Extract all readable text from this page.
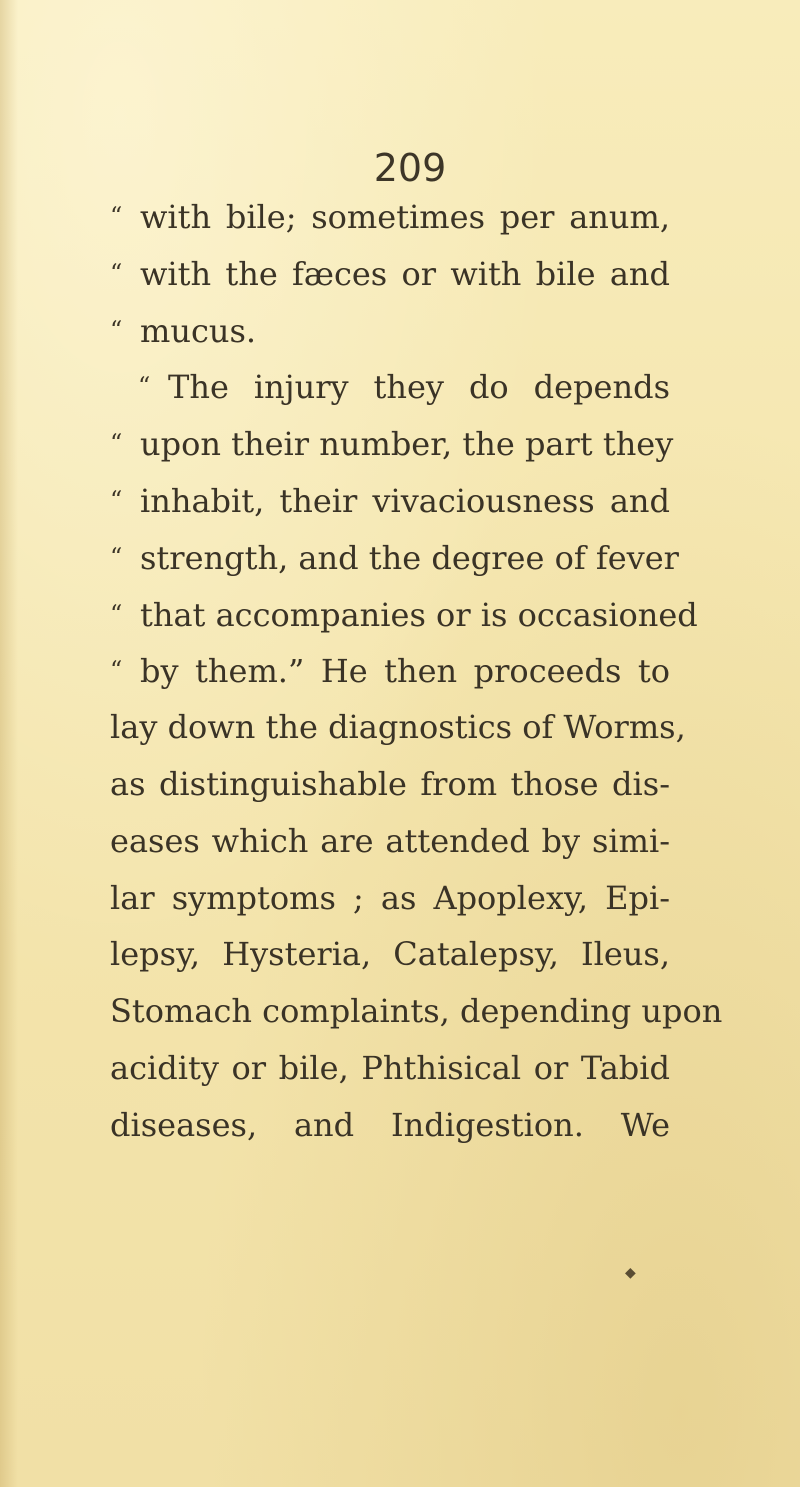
209
“ with bile; sometimes per anum,
“ with the fæces or with bile and
“ mucus.
“ The injury they do depends
“ upon their number, the part they
“ inhabit, their vivaciousness and
“ strength, and the degree of fever
“ that accompanies or is occasioned
“ by them.” He then proceeds to
lay down the diagnostics of Worms,
as distinguishable from those dis-
eases which are attended by simi-
lar symptoms ; as Apoplexy, Epi-
lepsy, Hysteria, Catalepsy, Ileus,
Stomach complaints, depending upon
acidity or bile, Phthisical or Tabid
diseases, and Indigestion. We
◆
